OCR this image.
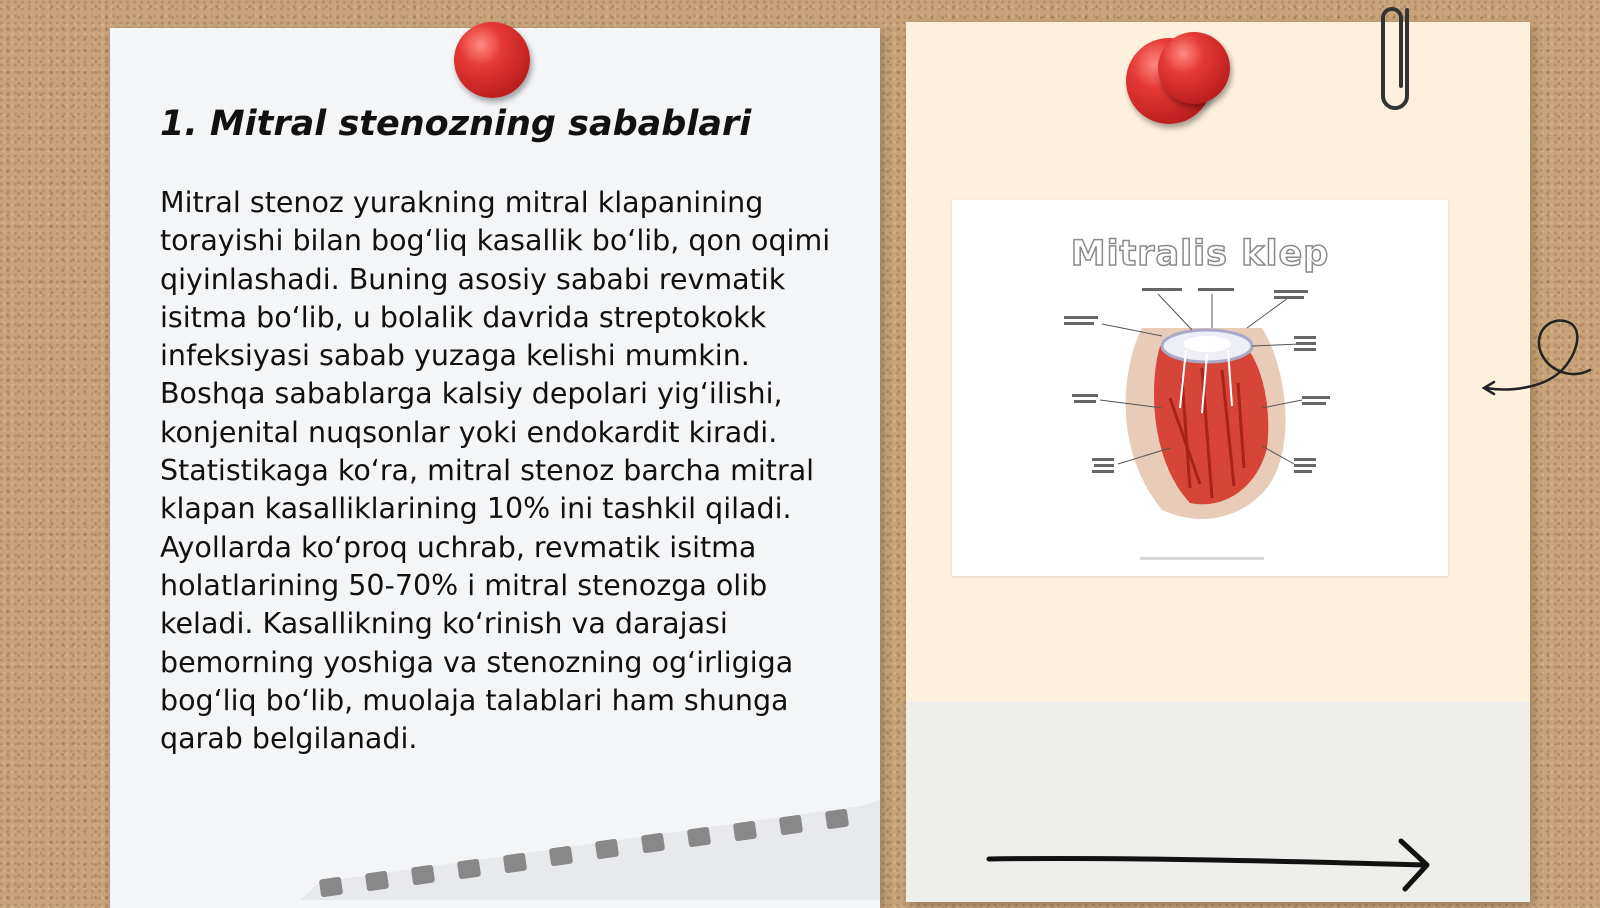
1. Mitral stenozning sabablari

Mitral stenoz yurakning mitral klapanining torayishi bilan bog‘liq kasallik bo‘lib, qon oqimi qiyinlashadi. Buning asosiy sababi revmatik isitma bo‘lib, u bolalik davrida streptokokk infeksiyasi sabab yuzaga kelishi mumkin. Boshqa sabablarga kalsiy depolari yig‘ilishi, konjenital nuqsonlar yoki endokardit kiradi. Statistikaga ko‘ra, mitral stenoz barcha mitral klapan kasalliklarining 10% ini tashkil qiladi. Ayollarda ko‘proq uchrab, revmatik isitma holatlarining 50-70% i mitral stenozga olib keladi. Kasallikning ko‘rinish va darajasi bemorning yoshiga va stenozning og‘irligiga bog‘liq bo‘lib, muolaja talablari ham shunga qarab belgilanadi.

Mitralis klep
